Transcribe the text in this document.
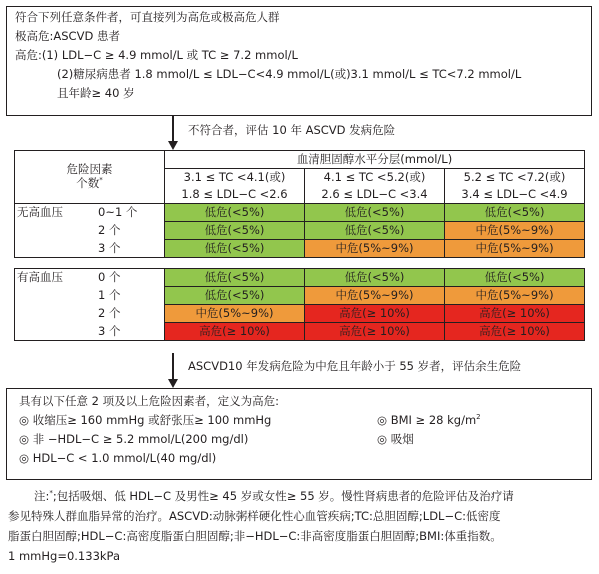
符合下列任意条件者，可直接列为高危或极高危人群
极高危:ASCVD 患者
高危:(1) LDL−C ≥ 4.9 mmol/L 或 TC ≥ 7.2 mmol/L
(2)糖尿病患者 1.8 mmol/L ≤ LDL−C<4.9 mmol/L(或)3.1 mmol/L ≤ TC<7.2 mmol/L
且年龄≥ 40 岁
不符合者，评估 10 年 ASCVD 发病危险
危险因素
个数*	血清胆固醇水平分层(mmol/L)		
	3.1 ≤ TC <4.1(或)	4.1 ≤ TC <5.2(或)	5.2 ≤ TC <7.2(或)
	1.8 ≤ LDL−C <2.6	2.6 ≤ LDL−C <3.4	3.4 ≤ LDL−C <4.9

无高血压 0~1 个	低危(<5%)	低危(<5%)	低危(<5%)

2 个	低危(<5%)	低危(<5%)	中危(5%~9%)

3 个	低危(<5%)	中危(5%~9%)	中危(5%~9%)

有高血压 0 个	低危(<5%)	低危(<5%)	低危(<5%)

1 个	低危(<5%)	中危(5%~9%)	中危(5%~9%)

2 个	中危(5%~9%)	高危(≥ 10%)	高危(≥ 10%)

3 个	高危(≥ 10%)	高危(≥ 10%)	高危(≥ 10%)
ASCVD10 年发病危险为中危且年龄小于 55 岁者，评估余生危险
具有以下任意 2 项及以上危险因素者，定义为高危:
◎ 收缩压≥ 160 mmHg 或舒张压≥ 100 mmHg	◎ BMI ≥ 28 $kg/m^2$
◎ 非 −HDL−C ≥ 5.2 mmol/L(200 mg/dl)	◎ 吸烟
◎ HDL−C < 1.0 mmol/L(40 mg/dl)
注:*;包括吸烟、低 HDL−C 及男性≥ 45 岁或女性≥ 55 岁。慢性肾病患者的危险评估及治疗请
参见特殊人群血脂异常的治疗。ASCVD:动脉粥样硬化性心血管疾病;TC:总胆固醇;LDL−C:低密度
脂蛋白胆固醇;HDL−C:高密度脂蛋白胆固醇;非−HDL−C:非高密度脂蛋白胆固醇;BMI:体重指数。
1 mmHg=0.133kPa
